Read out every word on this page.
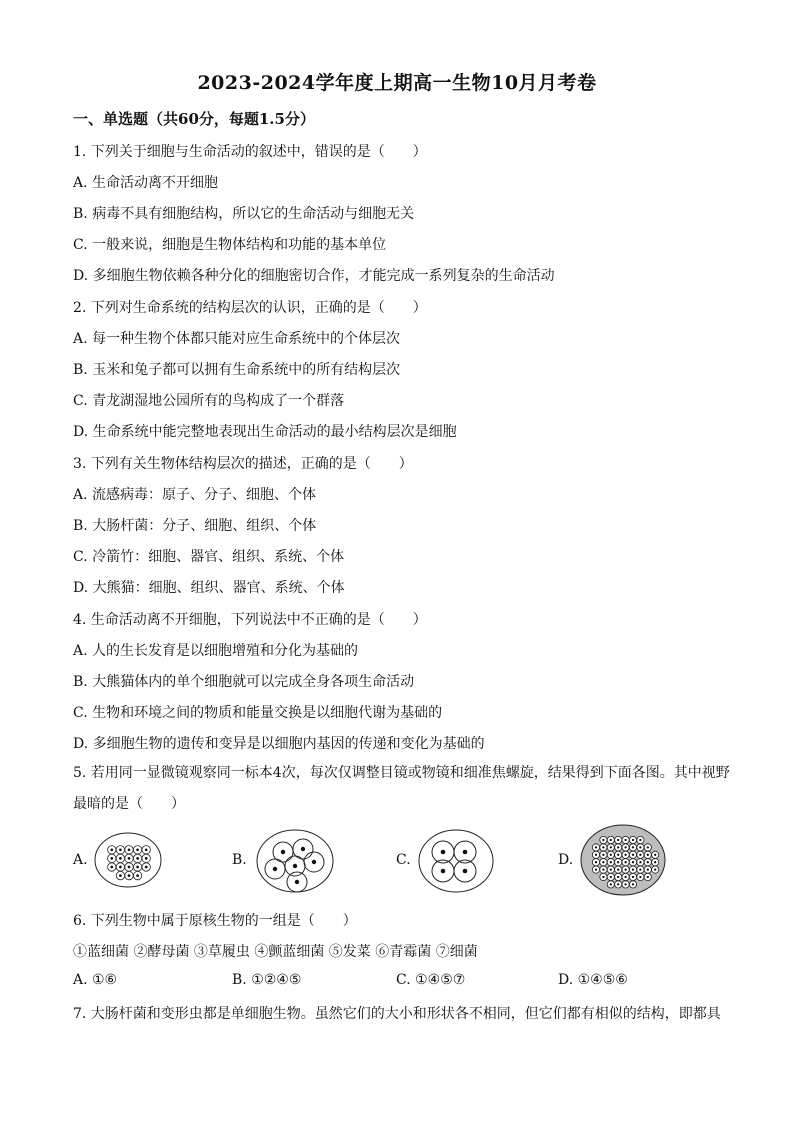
2023-2024学年度上期高一生物10月月考卷
一、单选题（共60分，每题1.5分）
1. 下列关于细胞与生命活动的叙述中，错误的是（　　）
A. 生命活动离不开细胞
B. 病毒不具有细胞结构，所以它的生命活动与细胞无关
C. 一般来说，细胞是生物体结构和功能的基本单位
D. 多细胞生物依赖各种分化的细胞密切合作，才能完成一系列复杂的生命活动
2. 下列对生命系统的结构层次的认识，正确的是（　　）
A. 每一种生物个体都只能对应生命系统中的个体层次
B. 玉米和兔子都可以拥有生命系统中的所有结构层次
C. 青龙湖湿地公园所有的鸟构成了一个群落
D. 生命系统中能完整地表现出生命活动的最小结构层次是细胞
3. 下列有关生物体结构层次的描述，正确的是（　　）
A. 流感病毒：原子、分子、细胞、个体
B. 大肠杆菌：分子、细胞、组织、个体
C. 冷箭竹：细胞、器官、组织、系统、个体
D. 大熊猫：细胞、组织、器官、系统、个体
4. 生命活动离不开细胞，下列说法中不正确的是（　　）
A. 人的生长发育是以细胞增殖和分化为基础的
B. 大熊猫体内的单个细胞就可以完成全身各项生命活动
C. 生物和环境之间的物质和能量交换是以细胞代谢为基础的
D. 多细胞生物的遗传和变异是以细胞内基因的传递和变化为基础的
5. 若用同一显微镜观察同一标本4次，每次仅调整目镜或物镜和细准焦螺旋，结果得到下面各图。其中视野最暗的是（　　）
A.	B.	C.	D.
6. 下列生物中属于原核生物的一组是（　　）
①蓝细菌 ②酵母菌 ③草履虫 ④颤蓝细菌 ⑤发菜 ⑥青霉菌 ⑦细菌
A. ①⑥	B. ①②④⑤	C. ①④⑤⑦	D. ①④⑤⑥
7. 大肠杆菌和变形虫都是单细胞生物。虽然它们的大小和形状各不相同，但它们都有相似的结构，即都具
